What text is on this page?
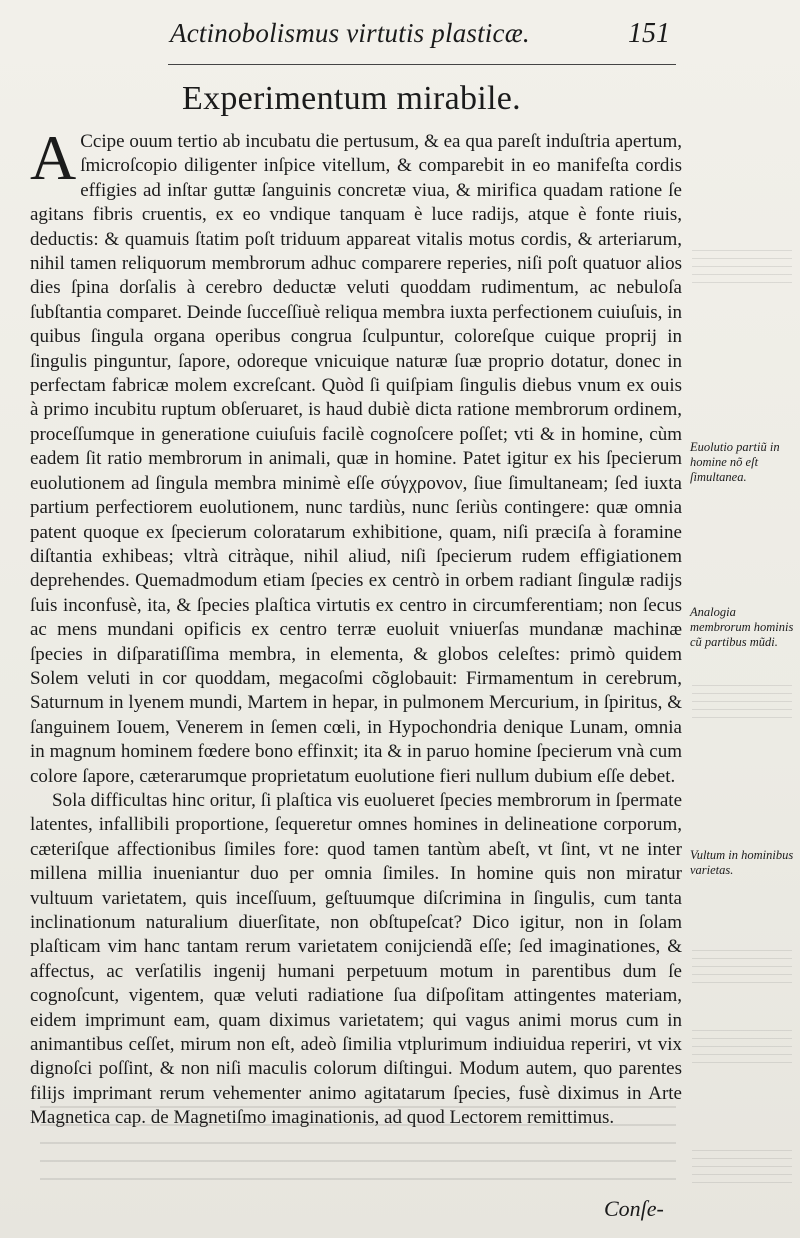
Actinobolismus virtutis plasticæ.	151
Experimentum mirabile.

A Ccipe ouum tertio ab incubatu die pertusum, & ea qua pareſt induſtria apertum, ſmicroſcopio diligenter inſpice vitellum, & comparebit in eo manifeſta cordis effigies ad inſtar guttæ ſanguinis concretæ viua, & mirifica quadam ratione ſe agitans fibris cruentis, ex eo vndique tanquam è luce radijs, atque è fonte riuis, deductis: & quamuis ſtatim poſt triduum appareat vitalis motus cordis, & arteriarum, nihil tamen reliquorum membrorum adhuc comparere reperies, niſi poſt quatuor alios dies ſpina dorſalis à cerebro deductæ veluti quoddam rudimentum, ac nebuloſa ſubſtantia comparet. Deinde ſucceſſiuè reliqua membra iuxta perfectionem cuiuſuis, in quibus ſingula organa operibus congrua ſculpuntur, coloreſque cuique proprij in ſingulis pinguntur, ſapore, odoreque vnicuique naturæ ſuæ proprio dotatur, donec in perfectam fabricæ molem excreſcant. Quòd ſi quiſpiam ſingulis diebus vnum ex ouis à primo incubitu ruptum obſeruaret, is haud dubiè dicta ratione membrorum ordinem, proceſſumque in generatione cuiuſuis facilè cognoſcere poſſet; vti & in homine, cùm eadem ſit ratio membrorum in animali, quæ in homine. Patet igitur ex his ſpecierum euolutionem ad ſingula membra minimè eſſe σύγχρονον, ſiue ſimultaneam; ſed iuxta partium perfectiorem euolutionem, nunc tardiùs, nunc ſeriùs contingere: quæ omnia patent quoque ex ſpecierum coloratarum exhibitione, quam, niſi præciſa à foramine diſtantia exhibeas; vltrà citràque, nihil aliud, niſi ſpecierum rudem effigiationem deprehendes. Quemadmodum etiam ſpecies ex centrò in orbem radiant ſingulæ radijs ſuis inconfusè, ita, & ſpecies plaſtica virtutis ex centro in circumferentiam; non ſecus ac mens mundani opificis ex centro terræ euoluit vniuerſas mundanæ machinæ ſpecies in diſparatiſſima membra, in elementa, & globos celeſtes: primò quidem Solem veluti in cor quoddam, megacoſmi cõglobauit: Firmamentum in cerebrum, Saturnum in lyenem mundi, Martem in hepar, in pulmonem Mercurium, in ſpiritus, & ſanguinem Iouem, Venerem in ſemen cœli, in Hypochondria denique Lunam, omnia in magnum hominem fœdere bono effinxit; ita & in paruo homine ſpecierum vnà cum colore ſapore, cæterarumque proprietatum euolutione fieri nullum dubium eſſe debet.

Sola difficultas hinc oritur, ſi plaſtica vis euolueret ſpecies membrorum in ſpermate latentes, infallibili proportione, ſequeretur omnes homines in delineatione corporum, cæteriſque affectionibus ſimiles fore: quod tamen tantùm abeſt, vt ſint, vt ne inter millena millia inueniantur duo per omnia ſimiles. In homine quis non miratur vultuum varietatem, quis inceſſuum, geſtuumque diſcrimina in ſingulis, cum tanta inclinationum naturalium diuerſitate, non obſtupeſcat? Dico igitur, non in ſolam plaſticam vim hanc tantam rerum varietatem conijciendã eſſe; ſed imaginationes, & affectus, ac verſatilis ingenij humani perpetuum motum in parentibus dum ſe cognoſcunt, vigentem, quæ veluti radiatione ſua diſpoſitam attingentes materiam, eidem imprimunt eam, quam diximus varietatem; qui vagus animi morus cum in animantibus ceſſet, mirum non eſt, adeò ſimilia vtplurimum indiuidua reperiri, vt vix dignoſci poſſint, & non niſi maculis colorum diſtingui. Modum autem, quo parentes filijs imprimant rerum vehementer animo agitatarum ſpecies, fusè diximus in Arte Magnetica cap. de Magnetiſmo imaginationis, ad quod Lectorem remittimus.

Euolutio partiũ in homine nõ eſt ſimultanea.
Analogia membrorum hominis cũ partibus mũdi.
Vultum in hominibus varietas.
Conſe-
